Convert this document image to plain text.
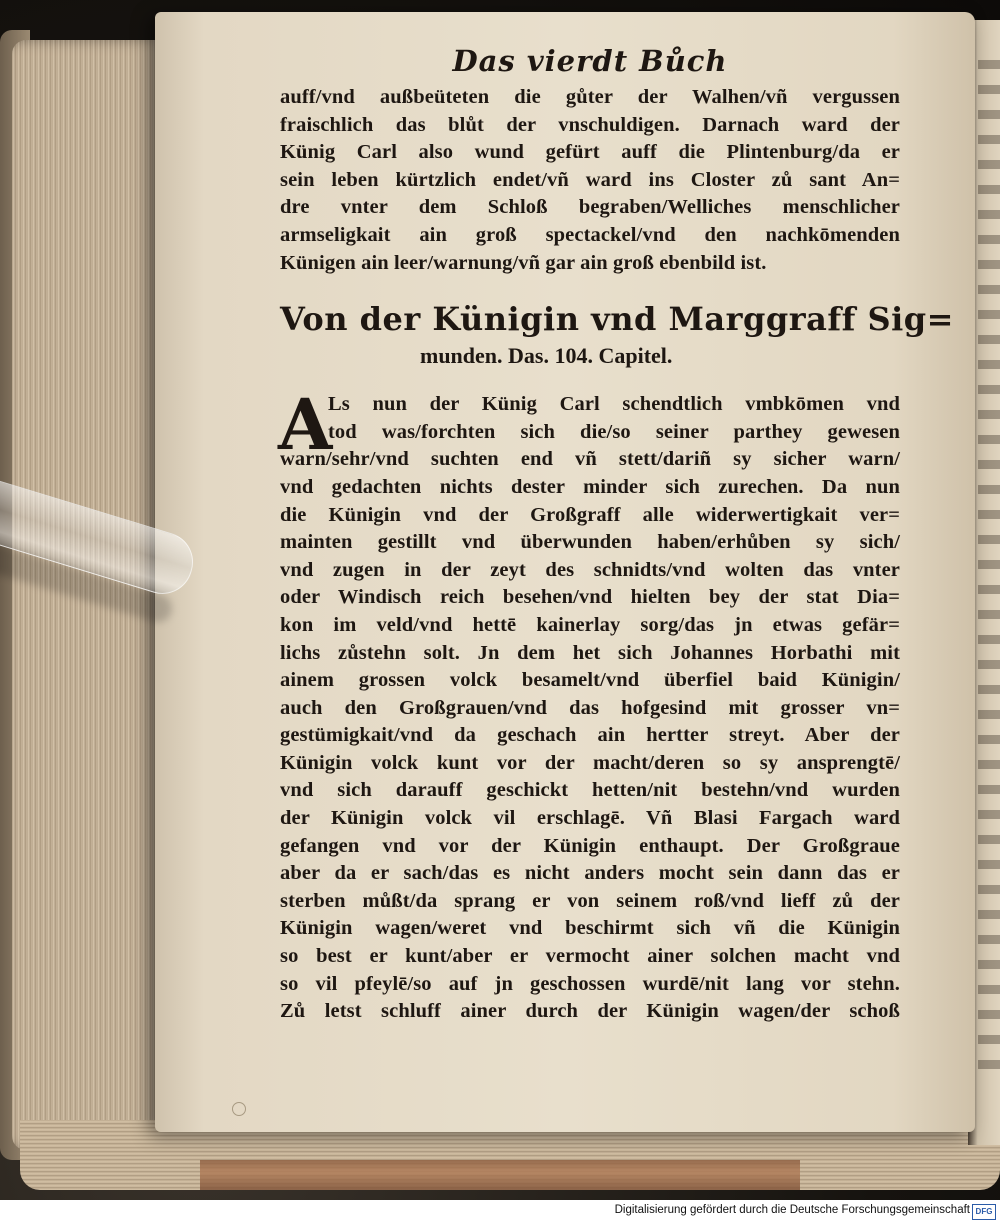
Das vierdt Bůch
auff/vnd außbeüteten die gůter der Walhen/vñ vergussen
fraischlich das blůt der vnschuldigen. Darnach ward der
Künig Carl also wund gefürt auff die Plintenburg/da er
sein leben kürtzlich endet/vñ ward ins Closter zů sant An=
dre vnter dem Schloß begraben/Welliches menschlicher
armseligkait ain groß spectackel/vnd den nachkōmenden
Künigen ain leer/warnung/vñ gar ain groß ebenbild ist.
Von der Künigin vnd Marggraff Sig=
munden. Das. 104. Capitel.
A
Ls nun der Künig Carl schendtlich vmbkōmen vnd
tod was/forchten sich die/so seiner parthey gewesen
warn/sehr/vnd suchten end vñ stett/dariñ sy sicher warn/
vnd gedachten nichts dester minder sich zurechen. Da nun
die Künigin vnd der Großgraff alle widerwertigkait ver=
mainten gestillt vnd überwunden haben/erhůben sy sich/
vnd zugen in der zeyt des schnidts/vnd wolten das vnter
oder Windisch reich besehen/vnd hielten bey der stat Dia=
kon im veld/vnd hettē kainerlay sorg/das jn etwas gefär=
lichs zůstehn solt. Jn dem het sich Johannes Horbathi mit
ainem grossen volck besamelt/vnd überfiel baid Künigin/
auch den Großgrauen/vnd das hofgesind mit grosser vn=
gestümigkait/vnd da geschach ain hertter streyt. Aber der
Künigin volck kunt vor der macht/deren so sy ansprengtē/
vnd sich darauff geschickt hetten/nit bestehn/vnd wurden
der Künigin volck vil erschlagē. Vñ Blasi Fargach ward
gefangen vnd vor der Künigin enthaupt. Der Großgraue
aber da er sach/das es nicht anders mocht sein dann das er
sterben můßt/da sprang er von seinem roß/vnd lieff zů der
Künigin wagen/weret vnd beschirmt sich vñ die Künigin
so best er kunt/aber er vermocht ainer solchen macht vnd
so vil pfeylē/so auf jn geschossen wurdē/nit lang vor stehn.
Zů letst schluff ainer durch der Künigin wagen/der schoß
Digitalisierung gefördert durch die Deutsche Forschungsgemeinschaft DFG
